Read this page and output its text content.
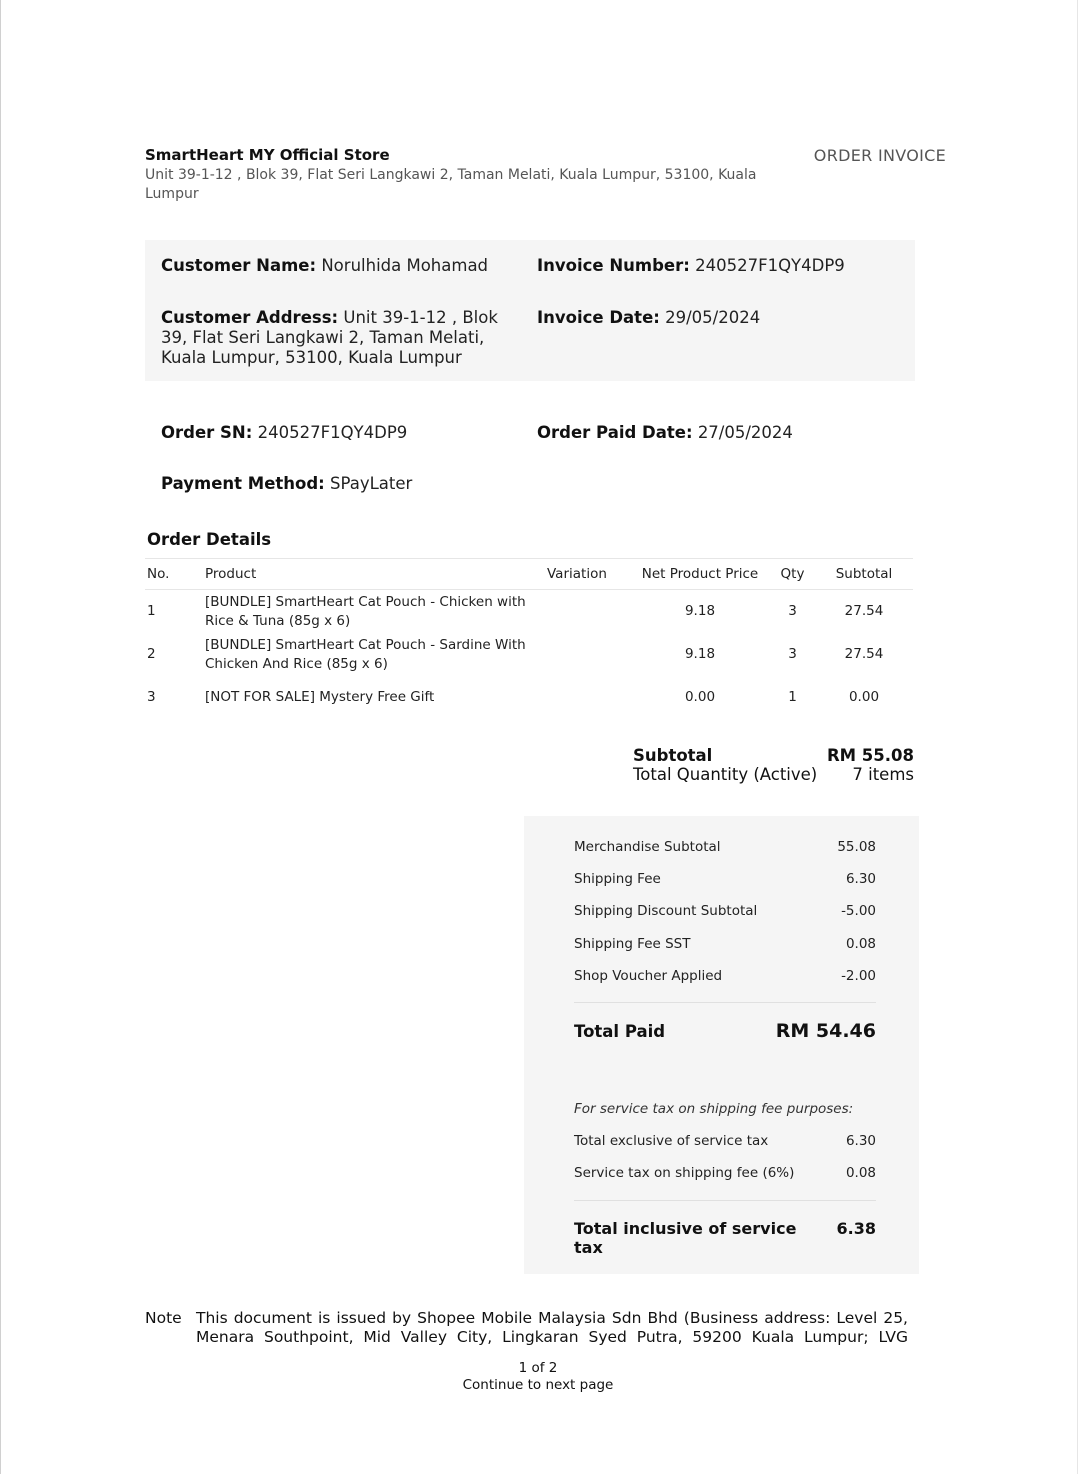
SmartHeart MY Official Store
Unit 39-1-12 , Blok 39, Flat Seri Langkawi 2, Taman Melati, Kuala Lumpur, 53100, Kuala Lumpur
ORDER INVOICE
Customer Name: Norulhida Mohamad	Invoice Number: 240527F1QY4DP9
Customer Address: Unit 39-1-12 , Blok 39, Flat Seri Langkawi 2, Taman Melati, Kuala Lumpur, 53100, Kuala Lumpur
Invoice Date: 29/05/2024
Order SN: 240527F1QY4DP9	Order Paid Date: 27/05/2024
Payment Method: SPayLater
Order Details
No.	Product	Variation	Net Product Price	Qty	Subtotal
1	[BUNDLE] SmartHeart Cat Pouch - Chicken with Rice & Tuna (85g x 6)		9.18	3	27.54
2	[BUNDLE] SmartHeart Cat Pouch - Sardine With Chicken And Rice (85g x 6)		9.18	3	27.54
3	[NOT FOR SALE] Mystery Free Gift		0.00	1	0.00
Subtotal	RM 55.08
Total Quantity (Active) 7 items
Merchandise Subtotal	55.08
Shipping Fee	6.30
Shipping Discount Subtotal	-5.00
Shipping Fee SST	0.08
Shop Voucher Applied	-2.00
Total Paid	RM 54.46
For service tax on shipping fee purposes:
Total exclusive of service tax	6.30
Service tax on shipping fee (6%)	0.08
Total inclusive of service tax
6.38
Note This document is issued by Shopee Mobile Malaysia Sdn Bhd (Business address: Level 25, Menara Southpoint, Mid Valley City, Lingkaran Syed Putra, 59200 Kuala Lumpur; LVG
1 of 2
Continue to next page
